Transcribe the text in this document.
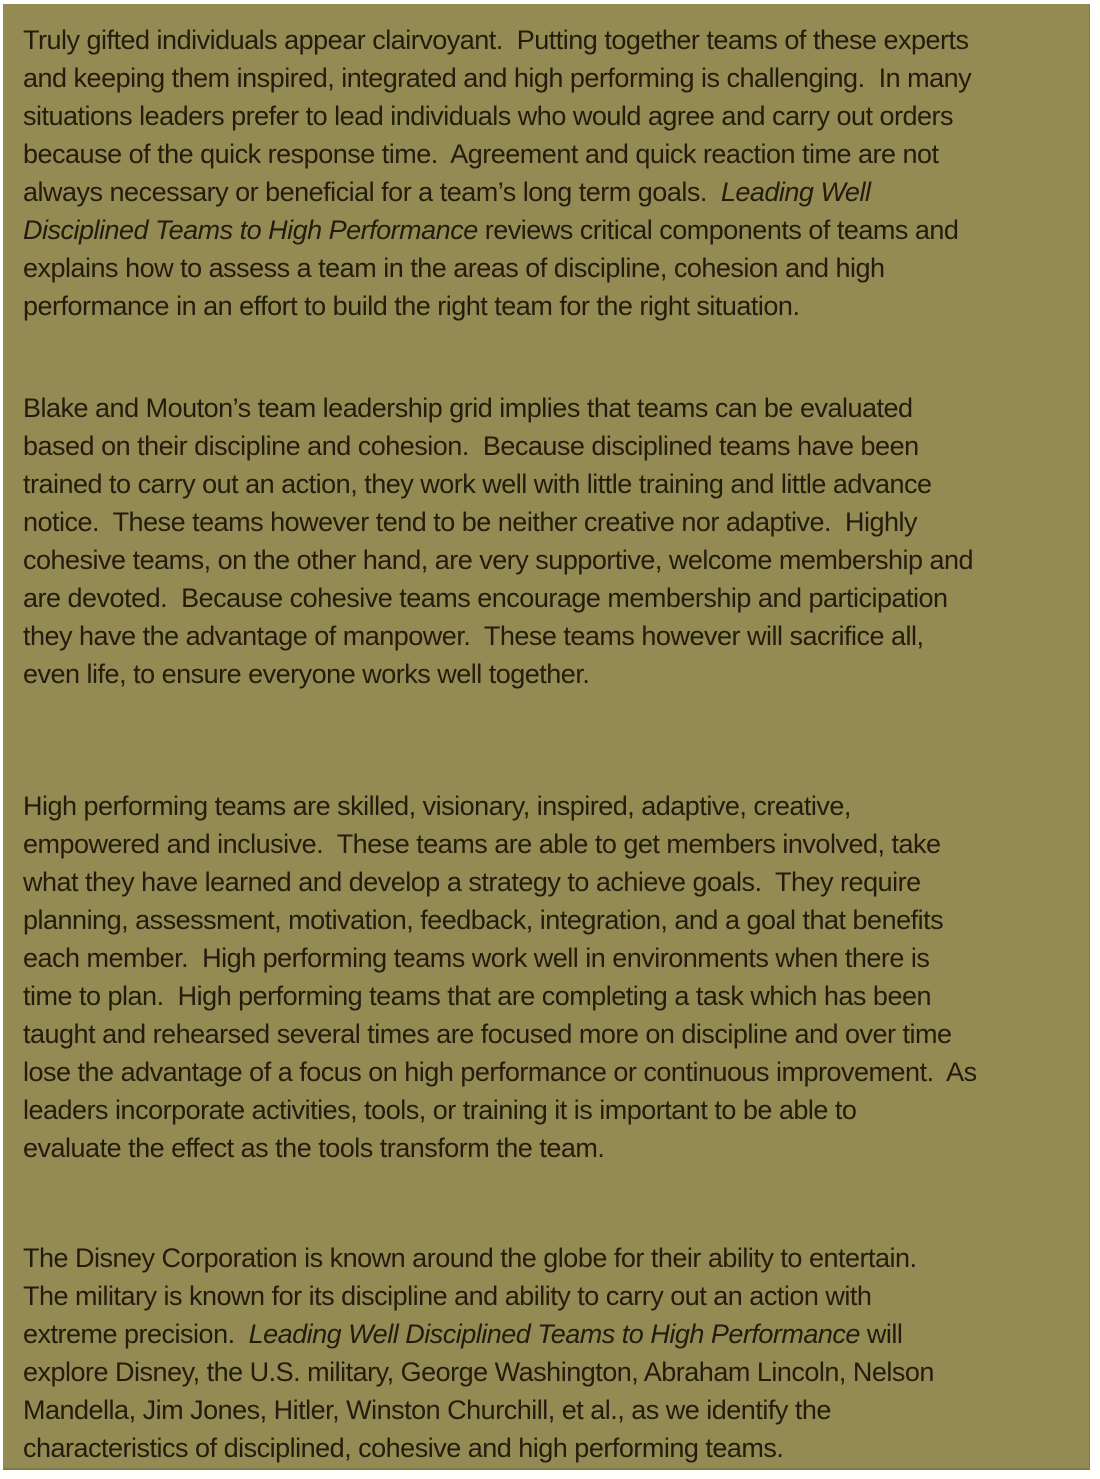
Truly gifted individuals appear clairvoyant.  Putting together teams of these experts
and keeping them inspired, integrated and high performing is challenging.  In many
situations leaders prefer to lead individuals who would agree and carry out orders
because of the quick response time.  Agreement and quick reaction time are not
always necessary or beneficial for a team’s long term goals.  Leading Well
Disciplined Teams to High Performance reviews critical components of teams and
explains how to assess a team in the areas of discipline, cohesion and high
performance in an effort to build the right team for the right situation.
Blake and Mouton’s team leadership grid implies that teams can be evaluated
based on their discipline and cohesion.  Because disciplined teams have been
trained to carry out an action, they work well with little training and little advance
notice.  These teams however tend to be neither creative nor adaptive.  Highly
cohesive teams, on the other hand, are very supportive, welcome membership and
are devoted.  Because cohesive teams encourage membership and participation
they have the advantage of manpower.  These teams however will sacrifice all,
even life, to ensure everyone works well together.
High performing teams are skilled, visionary, inspired, adaptive, creative,
empowered and inclusive.  These teams are able to get members involved, take
what they have learned and develop a strategy to achieve goals.  They require
planning, assessment, motivation, feedback, integration, and a goal that benefits
each member.  High performing teams work well in environments when there is
time to plan.  High performing teams that are completing a task which has been
taught and rehearsed several times are focused more on discipline and over time
lose the advantage of a focus on high performance or continuous improvement.  As
leaders incorporate activities, tools, or training it is important to be able to
evaluate the effect as the tools transform the team.
The Disney Corporation is known around the globe for their ability to entertain.
The military is known for its discipline and ability to carry out an action with
extreme precision.  Leading Well Disciplined Teams to High Performance will
explore Disney, the U.S. military, George Washington, Abraham Lincoln, Nelson
Mandella, Jim Jones, Hitler, Winston Churchill, et al., as we identify the
characteristics of disciplined, cohesive and high performing teams.
